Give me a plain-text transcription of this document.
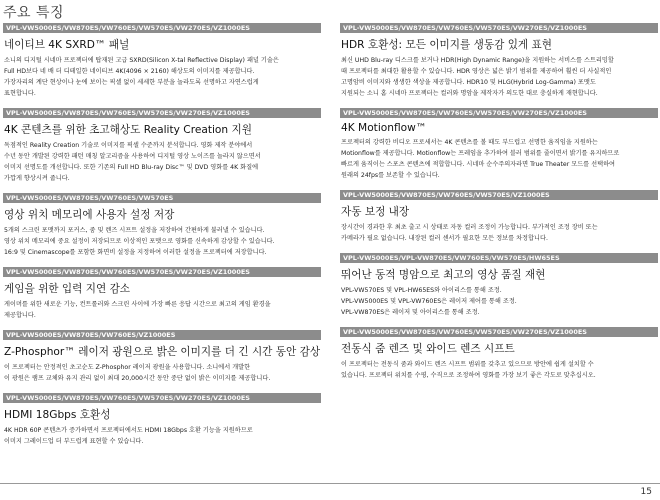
주요 특징
VPL-VW5000ES/VW870ES/VW760ES/VW570ES/VW270ES/VZ1000ES
네이티브 4K SXRD™ 패널
소니의 디지털 시네마 프로젝터에 탑재된 고급 SXRD(Silicon X-tal Reflective Display) 패널 기술은
Full HD보다 네 배 더 디테일한 네이티브 4K(4096 × 2160) 해상도의 이미지를 제공합니다.
가장자리의 계단 현상이나 눈에 보이는 픽셀 없이 세세한 부분을 놀라도록 선명하고 자연스럽게
표현합니다.
VPL-VW5000ES/VW870ES/VW760ES/VW570ES/VW270ES/VZ1000ES
4K 콘텐츠를 위한 초고해상도 Reality Creation 지원
독점적인 Reality Creation 기술로 이미지를 픽셀 수준까지 분석합니다. 영화 제작 분야에서
수년 동안 개발된 강력한 패턴 매칭 알고리즘을 사용하여 디지털 영상 노이즈를 놀라지 않으면서
이미지 선명도를 개선합니다. 또한 기존의 Full HD Blu-ray Disc™ 및 DVD 영화를 4K 화질에
가깝게 향상시켜 줍니다.
VPL-VW5000ES/VW870ES/VW760ES/VW570ES
영상 위치 메모리에 사용자 설정 저장
5개의 스크린 포맷까지 포커스, 줌 및 렌즈 시프트 설정을 저장하여 간편하게 불러낼 수 있습니다.
영상 위치 메모리에 중요 설정이 저장되므로 이상적인 포맷으로 영화를 신속하게 감상할 수 있습니다.
16:9 및 Cinemascope를 포함한 화면비 설정을 지정하여 이러한 설정을 프로젝터에 저장합니다.
VPL-VW5000ES/VW870ES/VW760ES/VW570ES/VW270ES/VZ1000ES
게임을 위한 입력 지연 감소
게이머를 위한 새로운 기능, 컨트롤러와 스크린 사이에 가장 빠른 응답 시간으로 최고의 게임 환경을
제공합니다.
VPL-VW5000ES/VW870ES/VW760ES/VZ1000ES
Z-Phosphor™ 레이저 광원으로 밝은 이미지를 더 긴 시간 동안 감상
이 프로젝터는 안정적인 초고순도 Z-Phosphor 레이저 광원을 사용합니다. 소니에서 개발한
이 광원은 램프 교체와 유지 관리 없이 최대 20,000시간 동안 중단 없이 밝은 이미지를 제공합니다.
VPL-VW5000ES/VW870ES/VW760ES/VW570ES/VW270ES/VZ1000ES
HDMI 18Gbps 호환성
4K HDR 60P 콘텐츠가 증가하면서 프로젝터에서도 HDMI 18Gbps 호환 기능을 지원하므로
이미지 그레이드업 더 부드럽게 표현할 수 있습니다.
VPL-VW5000ES/VW870ES/VW760ES/VW570ES/VW270ES/VZ1000ES
HDR 호환성: 모든 이미지를 생동감 있게 표현
최신 UHD Blu-ray 디스크를 보거나 HDR(High Dynamic Range)을 지원하는 서비스를 스트리밍할
때 프로젝터를 최대한 활용할 수 있습니다. HDR 영상은 넓은 밝기 범위를 제공하여 훨씬 더 사실적인
고명암비 이미지와 생생한 색상을 제공합니다. HDR10 및 HLG(Hybrid Log-Gamma) 포맷도
지원되는 소니 홈 시네마 프로젝터는 컬러와 명암을 제작자가 의도한 대로 충실하게 재현합니다.
VPL-VW5000ES/VW870ES/VW760ES/VW570ES/VW270ES/VZ1000ES
4K Motionflow™
프로젝터의 강력한 비디오 프로세서는 4K 콘텐츠를 볼 때도 부드럽고 선명한 움직임을 지원하는
Motionflow를 제공합니다. Motionflow는 프레임을 추가하여 블러 범위를 줄이면서 밝기를 유지하므로
빠르게 움직이는 스포츠 콘텐츠에 적합합니다. 시네마 순수주의자라면 True Theater 모드를 선택하여
원래의 24fps를 보존할 수 있습니다.
VPL-VW5000ES/VW870ES/VW760ES/VW570ES/VZ1000ES
자동 보정 내장
장시간이 경과한 후 최초 출고 시 상태로 자동 컬러 조정이 가능합니다. 부가적인 조정 장비 또는
카메라가 필요 없습니다. 내장된 컬러 센서가 필요한 모든 정보를 차정합니다.
VPL-VW5000ES/VPL-VW870ES/VW760ES/VW570ES/HW65ES
뛰어난 동적 명암으로 최고의 영상 품질 재현
VPL-VW570ES 및 VPL-HW65ES와 아이리스를 통해 조정.
VPL-VW5000ES 및 VPL-VW760ES은 레이저 제어를 통해 조정.
VPL-VW870ES은 레이저 및 아이리스를 통해 조정.
VPL-VW5000ES/VW870ES/VW760ES/VW570ES/VW270ES/VZ1000ES
전동식 줌 렌즈 및 와이드 렌즈 시프트
이 프로젝터는 전동식 줌과 와이드 렌즈 시프트 범위를 갖추고 있으므로 방안에 쉽게 설치할 수
있습니다. 프로젝터 위치를 수평, 수직으로 조정하여 영화를 가장 보기 좋은 각도로 맞추십시오.
15
